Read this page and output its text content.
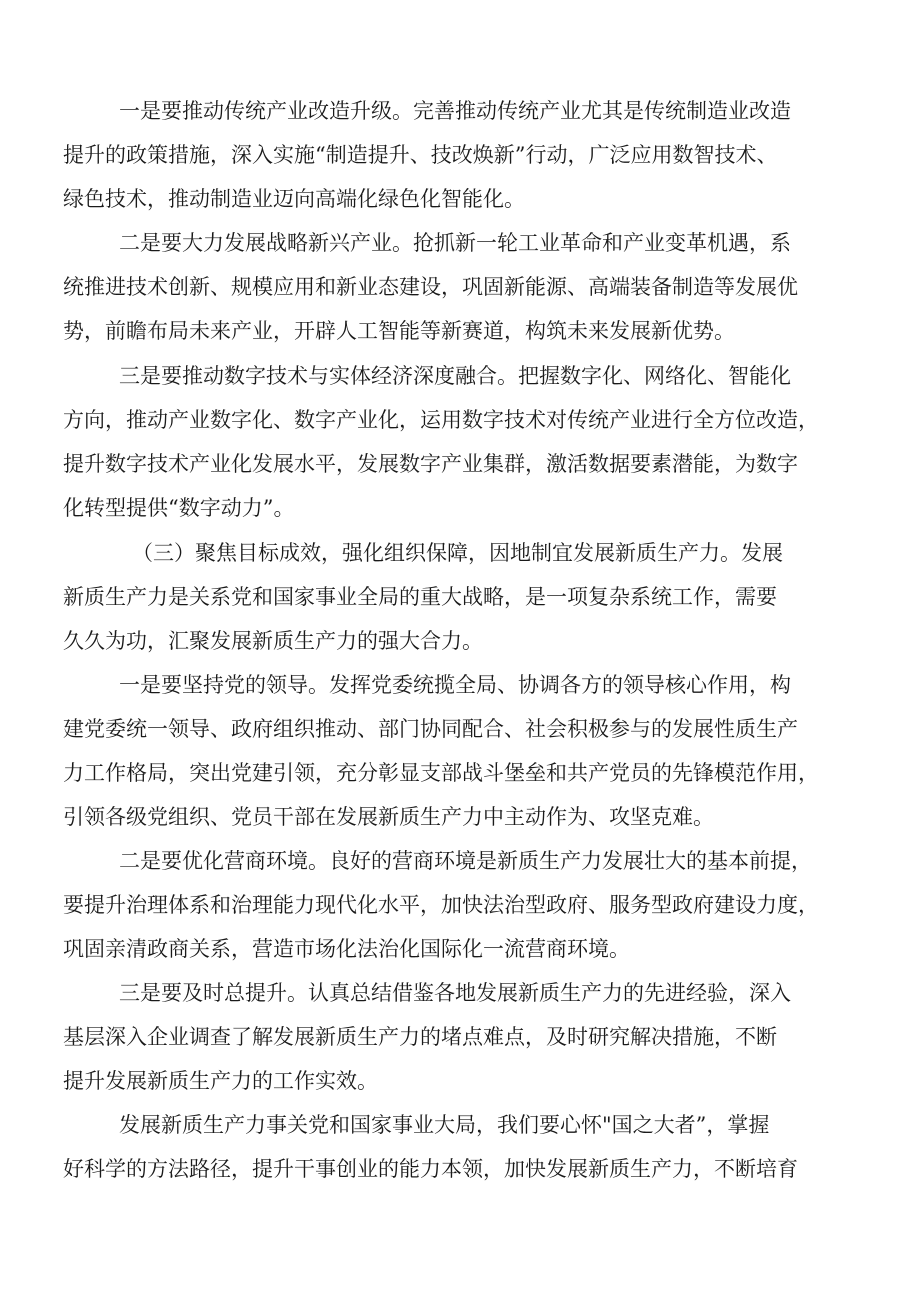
一是要推动传统产业改造升级。完善推动传统产业尤其是传统制造业改造

提升的政策措施，深入实施“制造提升、技改焕新”行动，广泛应用数智技术、

绿色技术，推动制造业迈向高端化绿色化智能化。

二是要大力发展战略新兴产业。抢抓新一轮工业革命和产业变革机遇，系

统推进技术创新、规模应用和新业态建设，巩固新能源、高端装备制造等发展优

势，前瞻布局未来产业，开辟人工智能等新赛道，构筑未来发展新优势。

三是要推动数字技术与实体经济深度融合。把握数字化、网络化、智能化

方向，推动产业数字化、数字产业化，运用数字技术对传统产业进行全方位改造，

提升数字技术产业化发展水平，发展数字产业集群，激活数据要素潜能，为数字

化转型提供“数字动力”。

（三）聚焦目标成效，强化组织保障，因地制宜发展新质生产力。发展

新质生产力是关系党和国家事业全局的重大战略，是一项复杂系统工作，需要

久久为功，汇聚发展新质生产力的强大合力。

一是要坚持党的领导。发挥党委统揽全局、协调各方的领导核心作用，构

建党委统一领导、政府组织推动、部门协同配合、社会积极参与的发展性质生产

力工作格局，突出党建引领，充分彰显支部战斗堡垒和共产党员的先锋模范作用，

引领各级党组织、党员干部在发展新质生产力中主动作为、攻坚克难。

二是要优化营商环境。良好的营商环境是新质生产力发展壮大的基本前提，

要提升治理体系和治理能力现代化水平，加快法治型政府、服务型政府建设力度，

巩固亲清政商关系，营造市场化法治化国际化一流营商环境。

三是要及时总提升。认真总结借鉴各地发展新质生产力的先进经验，深入

基层深入企业调查了解发展新质生产力的堵点难点，及时研究解决措施，不断

提升发展新质生产力的工作实效。

发展新质生产力事关党和国家事业大局，我们要心怀"国之大者”，掌握

好科学的方法路径，提升干事创业的能力本领，加快发展新质生产力，不断培育
